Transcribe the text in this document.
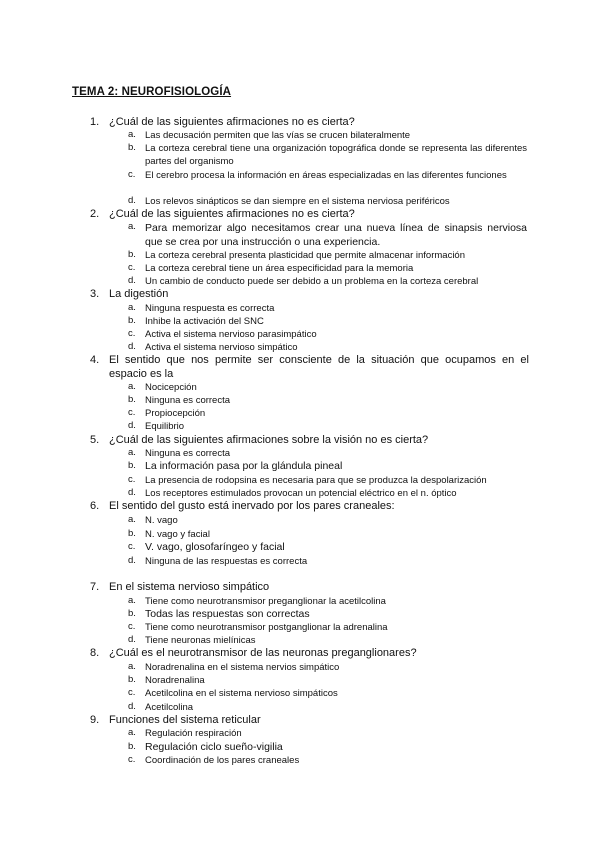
TEMA 2: NEUROFISIOLOGÍA
1. ¿Cuál de las siguientes afirmaciones no es cierta?
a. Las decusación permiten que las vías se crucen bilateralmente
b. La corteza cerebral tiene una organización topográfica donde se representa las diferentes partes del organismo
c. El cerebro procesa la información en áreas especializadas en las diferentes funciones
d. Los relevos sinápticos se dan siempre en el sistema nerviosa periféricos
2. ¿Cuál de las siguientes afirmaciones no es cierta?
a. Para memorizar algo necesitamos crear una nueva línea de sinapsis nerviosa que se crea por una instrucción o una experiencia.
b. La corteza cerebral presenta plasticidad que permite almacenar información
c. La corteza cerebral tiene un área especificidad para la memoria
d. Un cambio de conducto puede ser debido a un problema en la corteza cerebral
3. La digestión
a. Ninguna respuesta es correcta
b. Inhibe la activación del SNC
c. Activa el sistema nervioso parasimpático
d. Activa el sistema nervioso simpático
4. El sentido que nos permite ser consciente de la situación que ocupamos en el espacio es la
a. Nocicepción
b. Ninguna es correcta
c. Propiocepción
d. Equilibrio
5. ¿Cuál de las siguientes afirmaciones sobre la visión no es cierta?
a. Ninguna es correcta
b. La información pasa por la glándula pineal
c. La presencia de rodopsina es necesaria para que se produzca la despolarización
d. Los receptores estimulados provocan un potencial eléctrico en el n. óptico
6. El sentido del gusto está inervado por los pares craneales:
a. N. vago
b. N. vago y facial
c. V. vago, glosofaríngeo y facial
d. Ninguna de las respuestas es correcta
7. En el sistema nervioso simpático
a. Tiene como neurotransmisor preganglionar la acetilcolina
b. Todas las respuestas son correctas
c. Tiene como neurotransmisor postganglionar la adrenalina
d. Tiene neuronas mielínicas
8. ¿Cuál es el neurotransmisor de las neuronas preganglionares?
a. Noradrenalina en el sistema nervios simpático
b. Noradrenalina
c. Acetilcolina en el sistema nervioso simpáticos
d. Acetilcolina
9. Funciones del sistema reticular
a. Regulación respiración
b. Regulación ciclo sueño-vigilia
c. Coordinación de los pares craneales
